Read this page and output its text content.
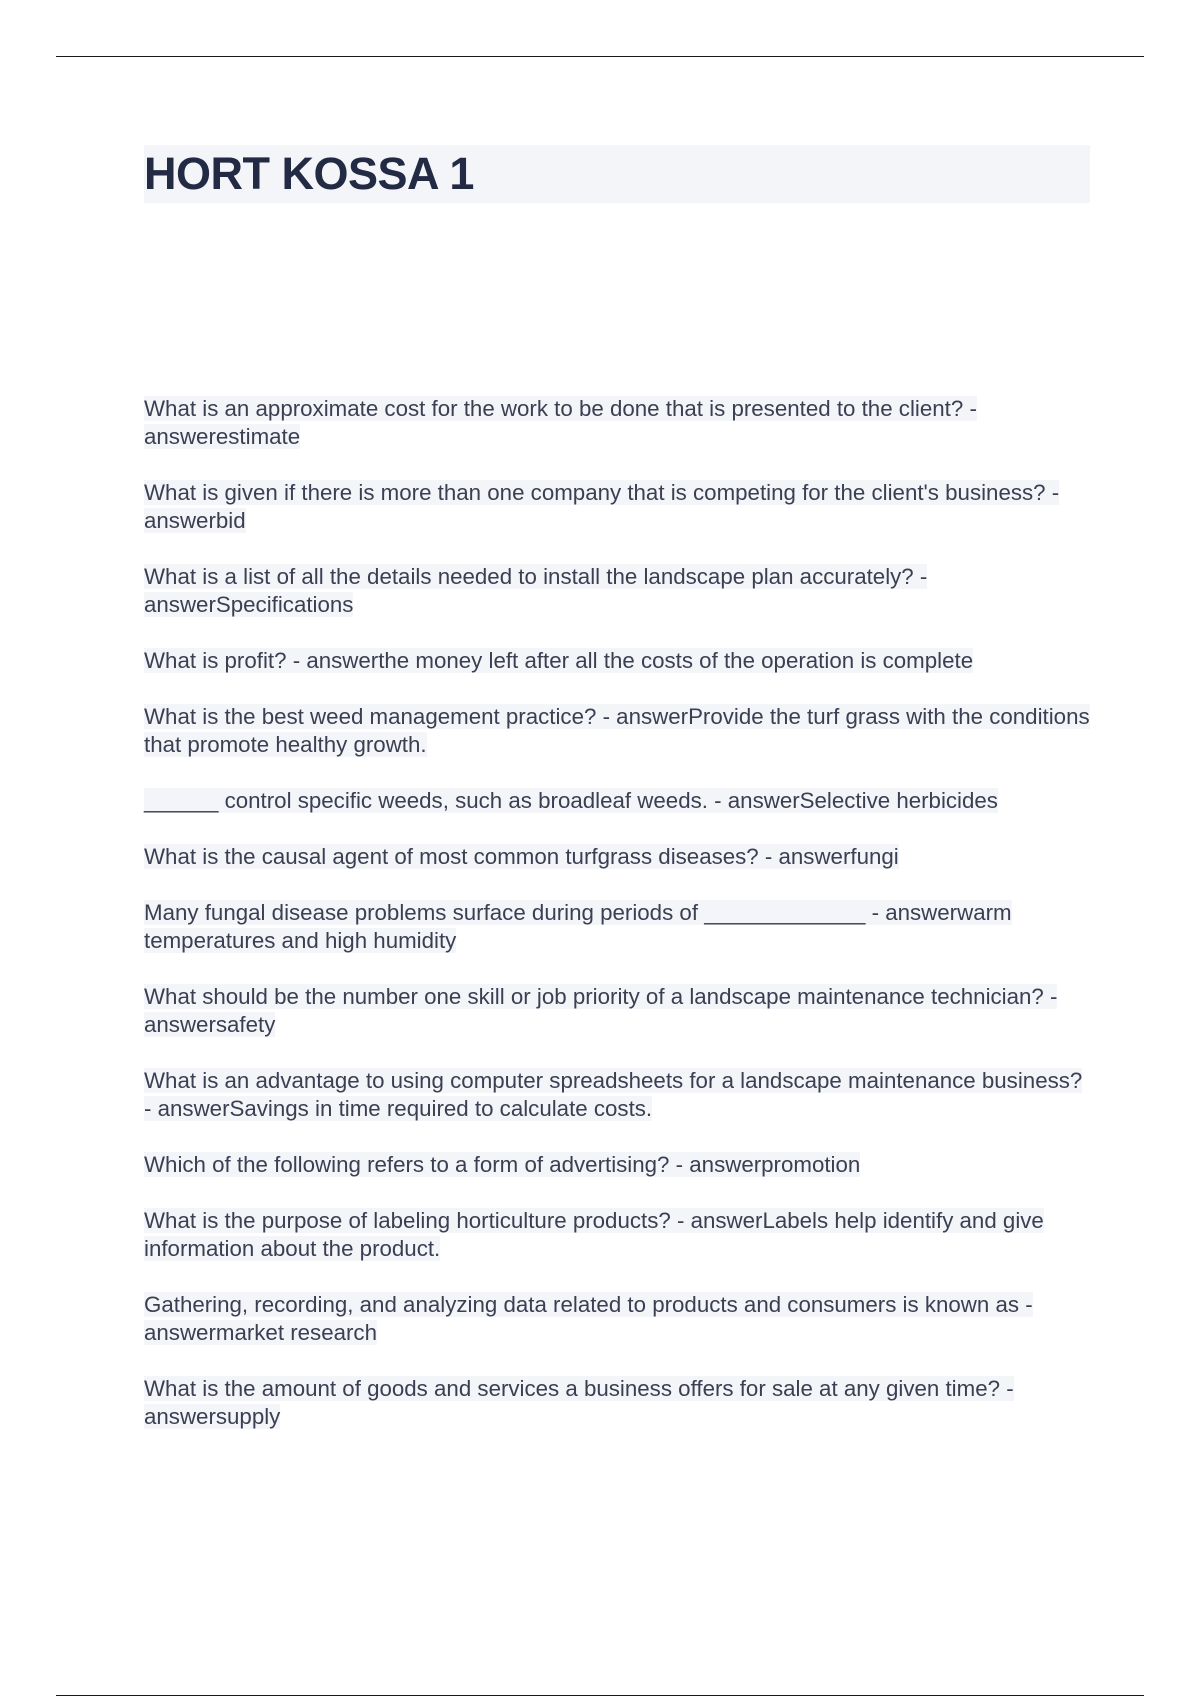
HORT KOSSA 1
What is an approximate cost for the work to be done that is presented to the client? - answerestimate
What is given if there is more than one company that is competing for the client's business? - answerbid
What is a list of all the details needed to install the landscape plan accurately? - answerSpecifications
What is profit? - answerthe money left after all the costs of the operation is complete
What is the best weed management practice? - answerProvide the turf grass with the conditions that promote healthy growth.
______ control specific weeds, such as broadleaf weeds. - answerSelective herbicides
What is the causal agent of most common turfgrass diseases? - answerfungi
Many fungal disease problems surface during periods of _____________ - answerwarm temperatures and high humidity
What should be the number one skill or job priority of a landscape maintenance technician? - answersafety
What is an advantage to using computer spreadsheets for a landscape maintenance business? - answerSavings in time required to calculate costs.
Which of the following refers to a form of advertising? - answerpromotion
What is the purpose of labeling horticulture products? - answerLabels help identify and give information about the product.
Gathering, recording, and analyzing data related to products and consumers is known as - answermarket research
What is the amount of goods and services a business offers for sale at any given time? - answersupply
